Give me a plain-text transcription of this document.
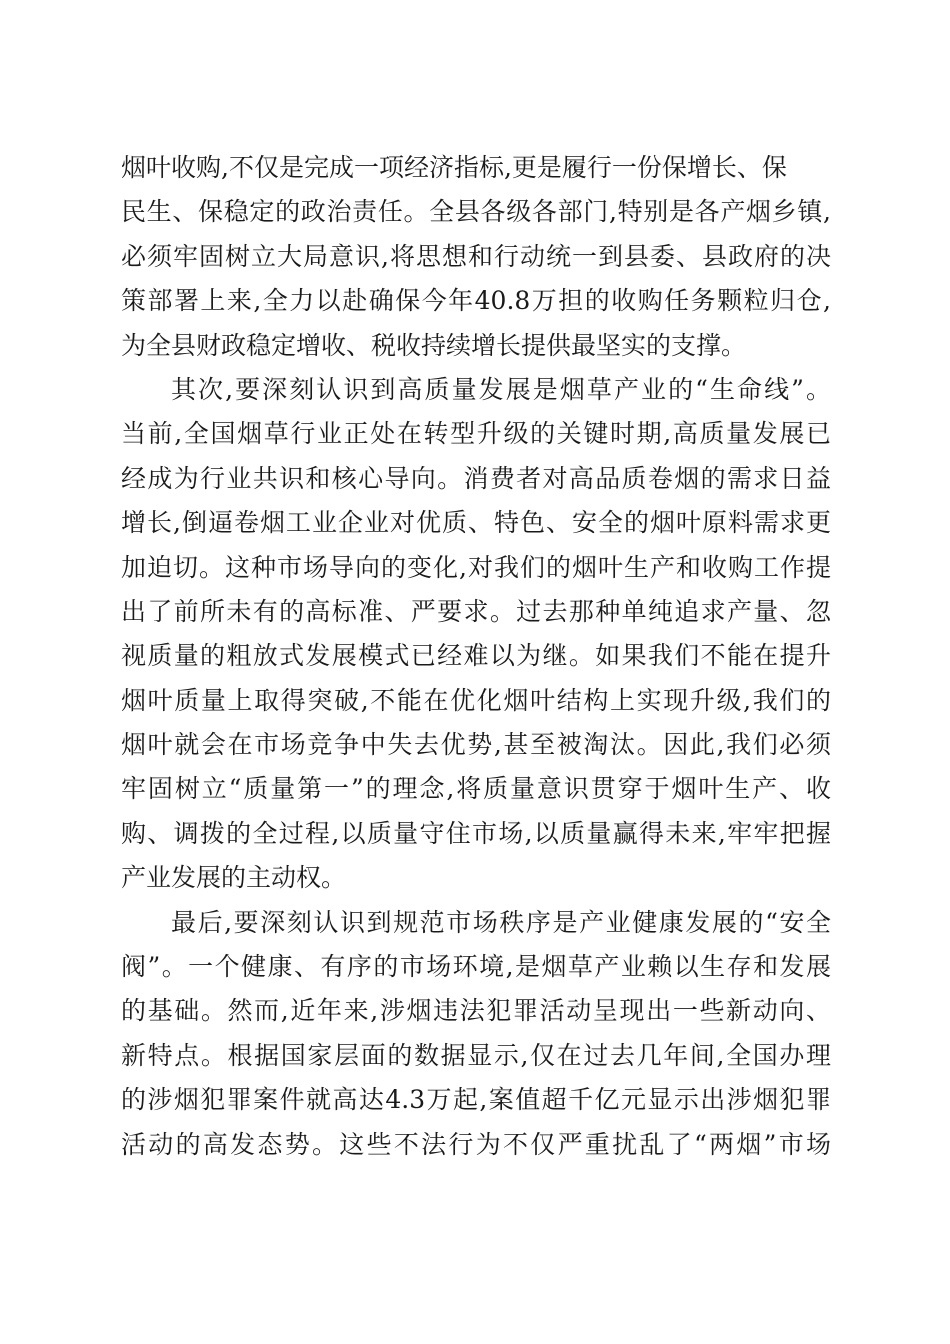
烟叶收购,不仅是完成一项经济指标,更是履行一份保增长、保
民生、保稳定的政治责任。全县各级各部门,特别是各产烟乡镇,
必须牢固树立大局意识,将思想和行动统一到县委、县政府的决
策部署上来,全力以赴确保今年40.8万担的收购任务颗粒归仓,
为全县财政稳定增收、税收持续增长提供最坚实的支撑。
其次,要深刻认识到高质量发展是烟草产业的“生命线”。
当前,全国烟草行业正处在转型升级的关键时期,高质量发展已
经成为行业共识和核心导向。消费者对高品质卷烟的需求日益
增长,倒逼卷烟工业企业对优质、特色、安全的烟叶原料需求更
加迫切。这种市场导向的变化,对我们的烟叶生产和收购工作提
出了前所未有的高标准、严要求。过去那种单纯追求产量、忽
视质量的粗放式发展模式已经难以为继。如果我们不能在提升
烟叶质量上取得突破,不能在优化烟叶结构上实现升级,我们的
烟叶就会在市场竞争中失去优势,甚至被淘汰。因此,我们必须
牢固树立“质量第一”的理念,将质量意识贯穿于烟叶生产、收
购、调拨的全过程,以质量守住市场,以质量赢得未来,牢牢把握
产业发展的主动权。
最后,要深刻认识到规范市场秩序是产业健康发展的“安全
阀”。一个健康、有序的市场环境,是烟草产业赖以生存和发展
的基础。然而,近年来,涉烟违法犯罪活动呈现出一些新动向、
新特点。根据国家层面的数据显示,仅在过去几年间,全国办理
的涉烟犯罪案件就高达4.3万起,案值超千亿元显示出涉烟犯罪
活动的高发态势。这些不法行为不仅严重扰乱了“两烟”市场
